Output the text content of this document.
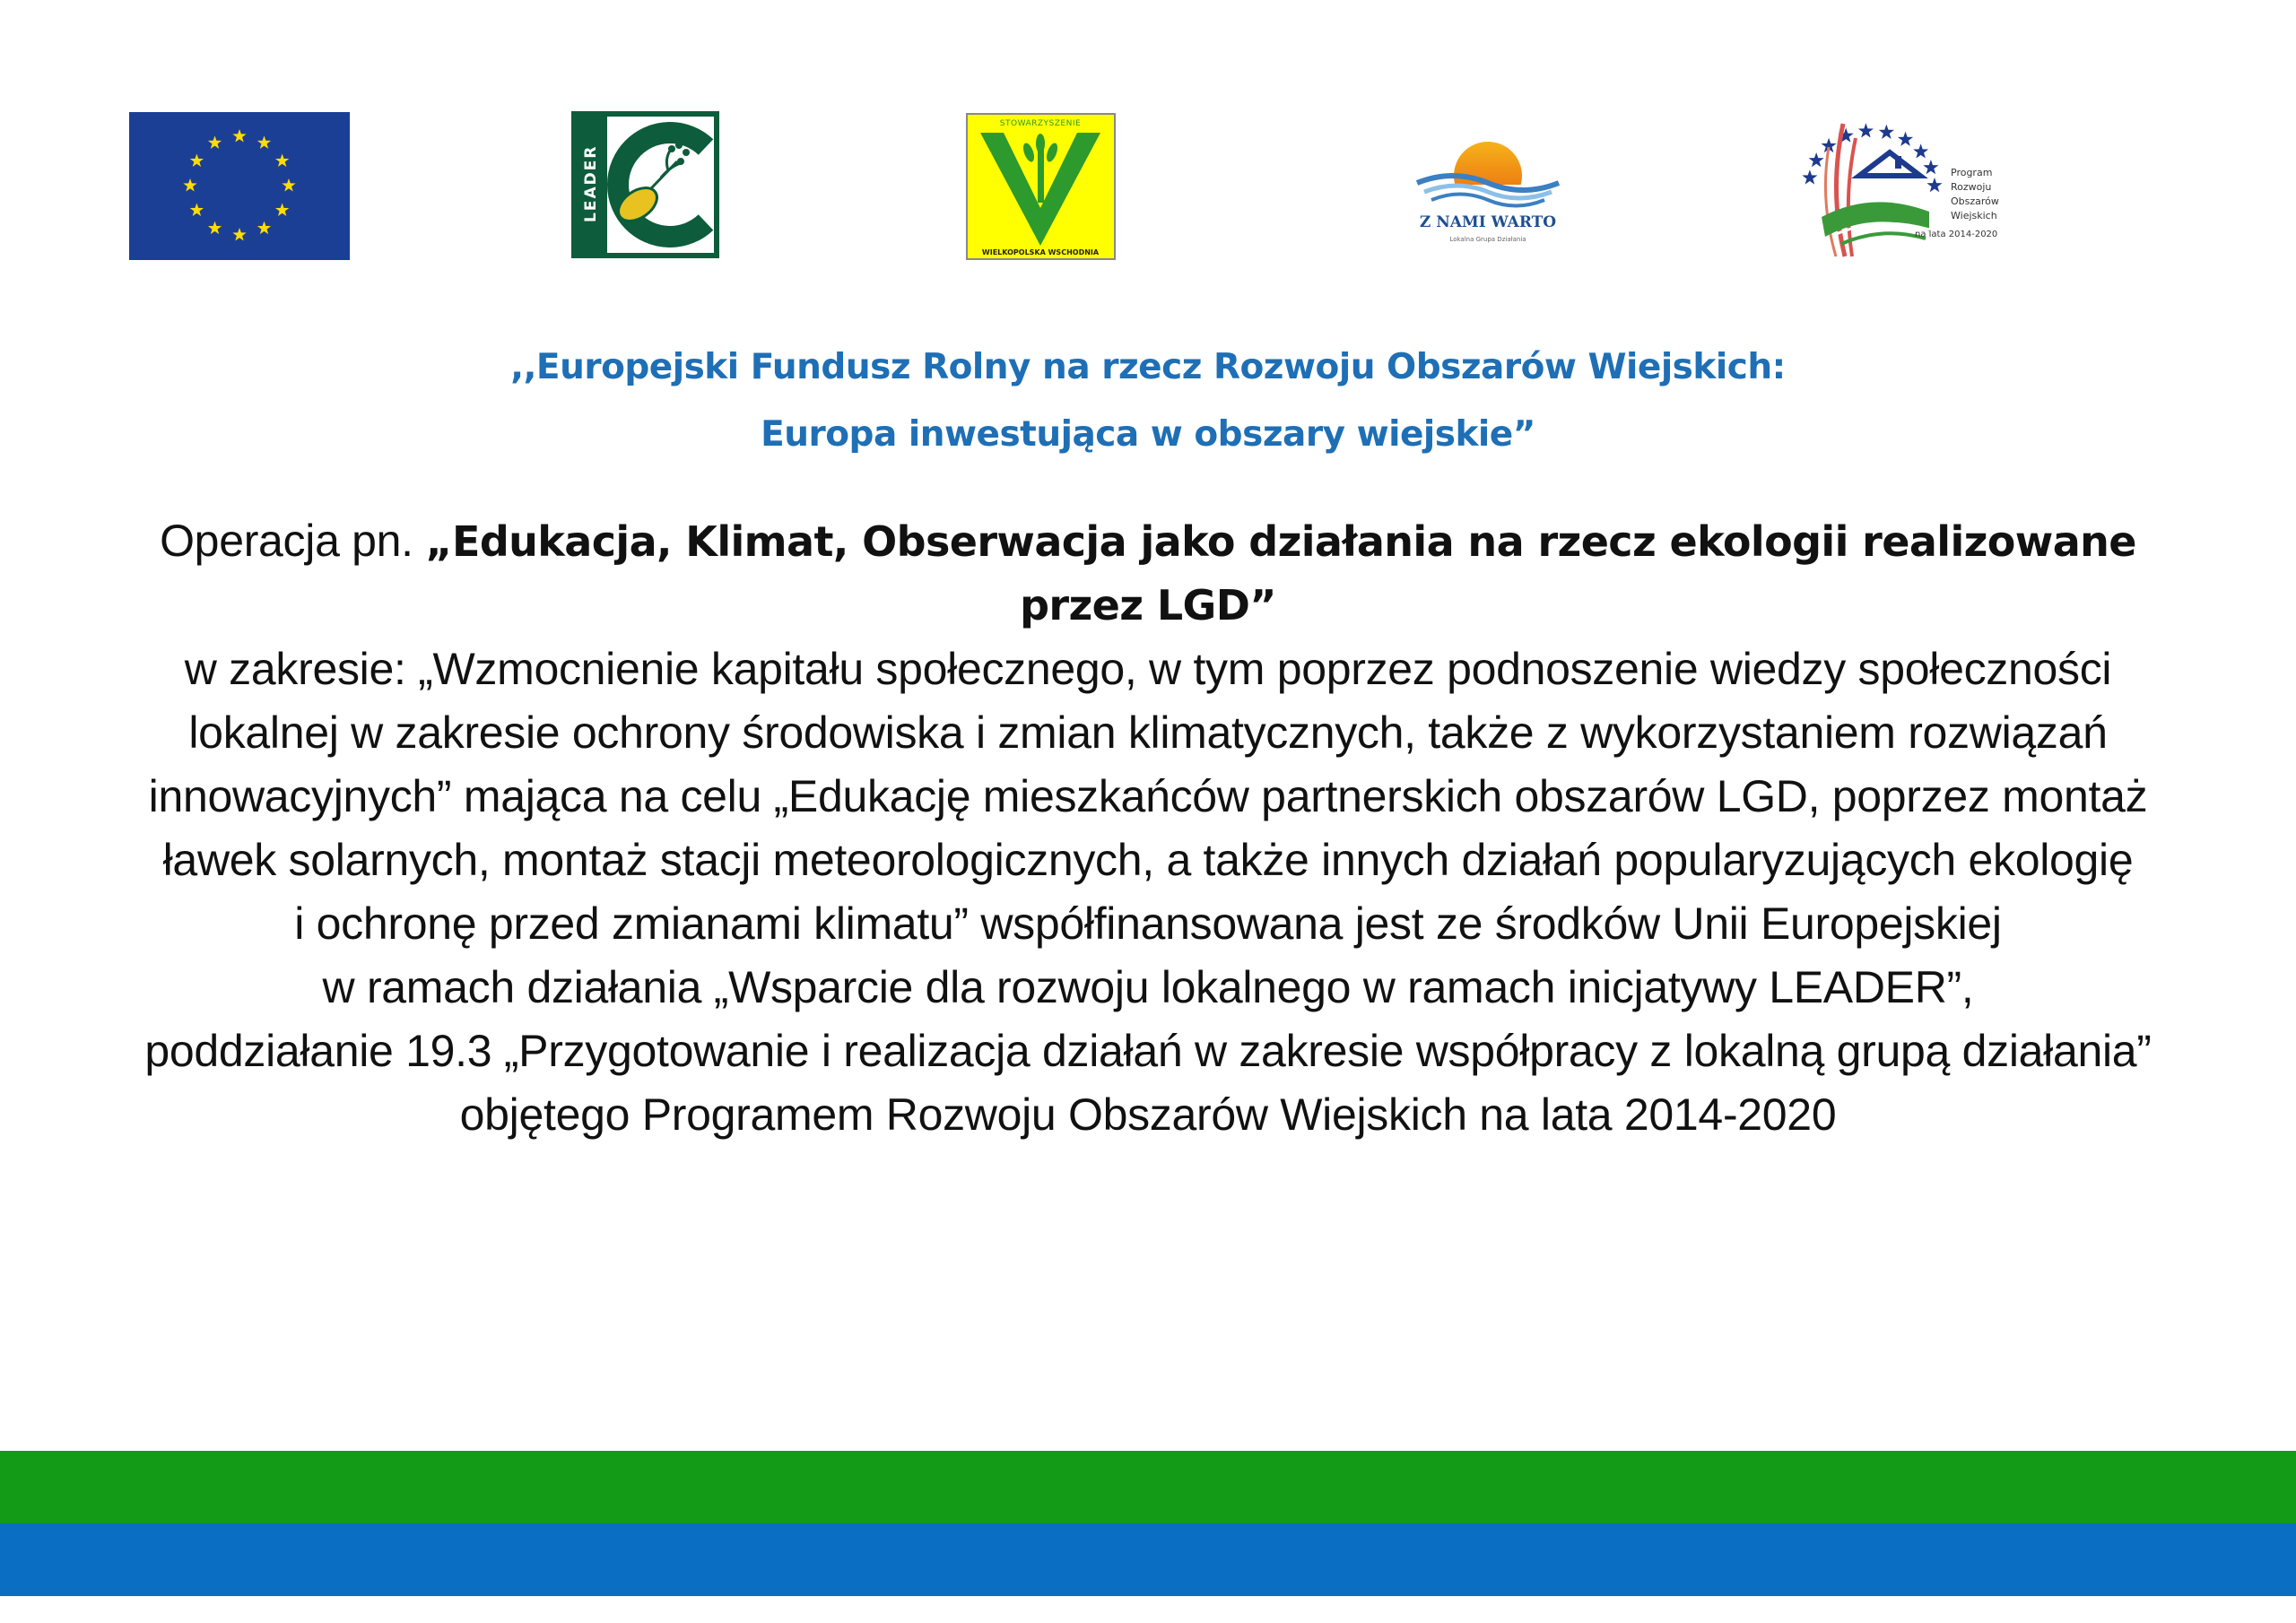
LEADER
STOWARZYSZENIE
WIELKOPOLSKA WSCHODNIA
Z NAMI WARTO
Lokalna Grupa Działania
Program
Rozwoju
Obszarów
Wiejskich
na lata 2014-2020
,,Europejski Fundusz Rolny na rzecz Rozwoju Obszarów Wiejskich:
Europa inwestująca w obszary wiejskie”
Operacja pn. „Edukacja, Klimat, Obserwacja jako działania na rzecz ekologii realizowane
przez LGD”
w zakresie: „Wzmocnienie kapitału społecznego, w tym poprzez podnoszenie wiedzy społeczności
lokalnej w zakresie ochrony środowiska i zmian klimatycznych, także z wykorzystaniem rozwiązań
innowacyjnych” mająca na celu „Edukację mieszkańców partnerskich obszarów LGD, poprzez montaż
ławek solarnych, montaż stacji meteorologicznych, a także innych działań popularyzujących ekologię
i ochronę przed zmianami klimatu” współfinansowana jest ze środków Unii Europejskiej
w ramach działania „Wsparcie dla rozwoju lokalnego w ramach inicjatywy LEADER”,
poddziałanie 19.3 „Przygotowanie i realizacja działań w zakresie współpracy z lokalną grupą działania”
objętego Programem Rozwoju Obszarów Wiejskich na lata 2014-2020
